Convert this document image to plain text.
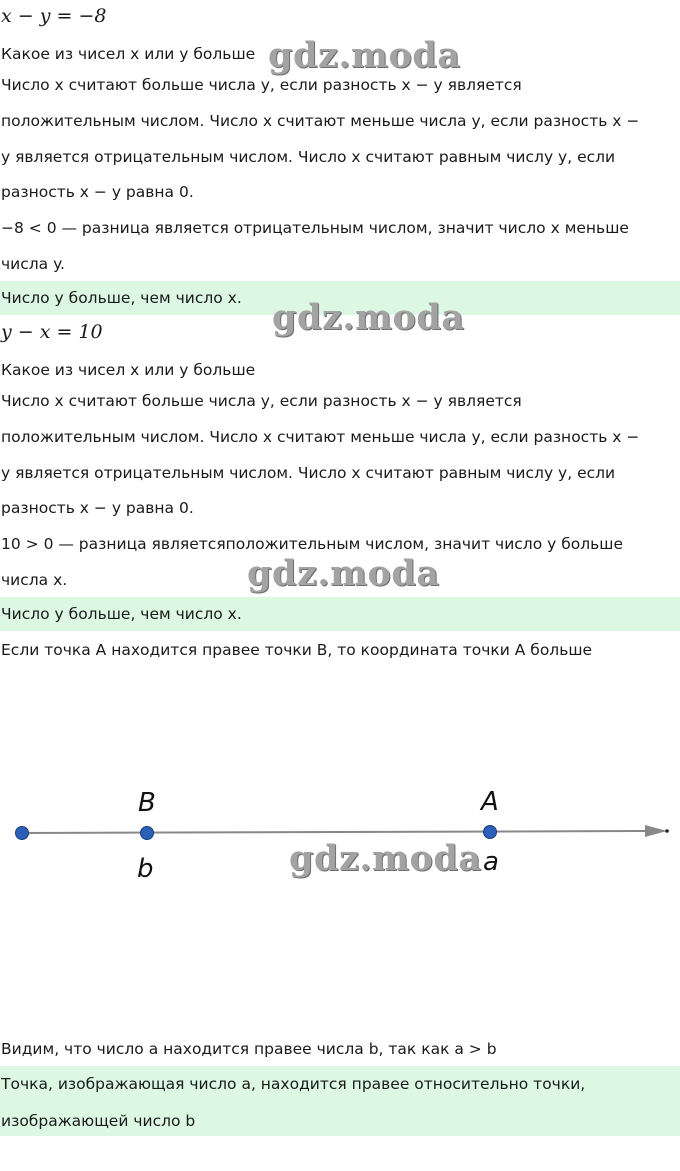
x − y = −8
Какое из чисел x или y больше
Число x считают больше числа y, если разность x − y является
положительным числом. Число x считают меньше числа y, если разность x −
y является отрицательным числом. Число x считают равным числу y, если
разность x − y равна 0.
−8 < 0 — разница является отрицательным числом, значит число x меньше
числа y.
Число y больше, чем число x.
y − x = 10
Какое из чисел x или y больше
Число x считают больше числа y, если разность x − y является
положительным числом. Число x считают меньше числа y, если разность x −
y является отрицательным числом. Число x считают равным числу y, если
разность x − y равна 0.
10 > 0 — разница являетсяположительным числом, значит число y больше
числа x.
Число y больше, чем число x.
Если точка A находится правее точки B, то координата точки A больше
B
b
A
a
Видим, что число a находится правее числа b, так как a > b
Точка, изображающая число a, находится правее относительно точки,
изображающей число b
gdz.moda
gdz.moda
gdz.moda
gdz.moda
